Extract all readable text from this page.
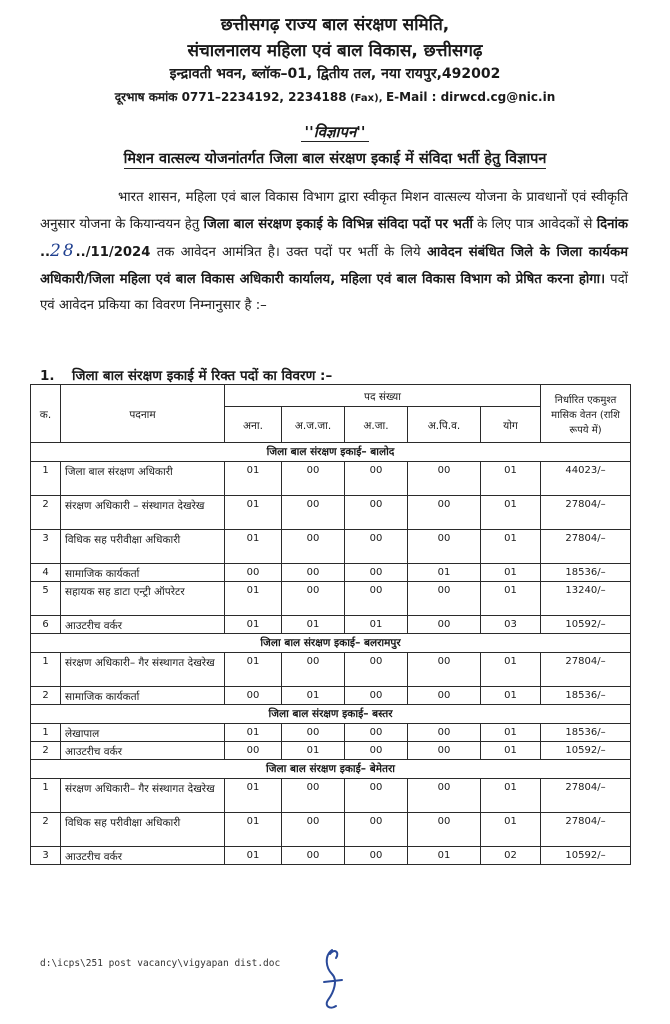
छत्तीसगढ़ राज्य बाल संरक्षण समिति,
संचालनालय महिला एवं बाल विकास, छत्तीसगढ़
इन्द्रावती भवन, ब्लॉक–01, द्वितीय तल, नया रायपुर,492002
दूरभाष कमांक 0771–2234192, 2234188 (Fax), E-Mail : dirwcd.cg@nic.in
''विज्ञापन''
मिशन वात्सल्य योजनांतर्गत जिला बाल संरक्षण इकाई में संविदा भर्ती हेतु विज्ञापन
भारत शासन, महिला एवं बाल विकास विभाग द्वारा स्वीकृत मिशन वात्सल्य योजना के प्रावधानों एवं स्वीकृति अनुसार योजना के कियान्वयन हेतु जिला बाल संरक्षण इकाई के विभिन्न संविदा पदों पर भर्ती के लिए पात्र आवेदकों से दिनांक ..28../11/2024 तक आवेदन आमंत्रित है। उक्त पदों पर भर्ती के लिये आवेदन संबंधित जिले के जिला कार्यकम अधिकारी/जिला महिला एवं बाल विकास अधिकारी कार्यालय, महिला एवं बाल विकास विभाग को प्रेषित करना होगा। पदों एवं आवेदन प्रकिया का विवरण निम्नानुसार है :–
1. जिला बाल संरक्षण इकाई में रिक्त पदों का विवरण :–
क.	पदनाम	पद संख्या					निर्धारित एकमुश्त मासिक वेतन (राशि रूपये में)
		अना.	अ.ज.जा.	अ.जा.	अ.पि.व.	योग	
जिला बाल संरक्षण इकाई– बालोद							
1	जिला बाल संरक्षण अधिकारी	01	00	00	00	01	44023/–
2	संरक्षण अधिकारी – संस्थागत देखरेख	01	00	00	00	01	27804/–
3	विधिक सह परीवीक्षा अधिकारी	01	00	00	00	01	27804/–
4	सामाजिक कार्यकर्ता	00	00	00	01	01	18536/–
5	सहायक सह डाटा एन्ट्री ऑपरेटर	01	00	00	00	01	13240/–
6	आउटरीच वर्कर	01	01	01	00	03	10592/–
जिला बाल संरक्षण इकाई– बलरामपुर							
1	संरक्षण अधिकारी– गैर संस्थागत देखरेख	01	00	00	00	01	27804/–
2	सामाजिक कार्यकर्ता	00	01	00	00	01	18536/–
जिला बाल संरक्षण इकाई– बस्तर							
1	लेखापाल	01	00	00	00	01	18536/–
2	आउटरीच वर्कर	00	01	00	00	01	10592/–
जिला बाल संरक्षण इकाई– बेमेतरा							
1	संरक्षण अधिकारी– गैर संस्थागत देखरेख	01	00	00	00	01	27804/–
2	विधिक सह परीवीक्षा अधिकारी	01	00	00	00	01	27804/–
3	आउटरीच वर्कर	01	00	00	01	02	10592/–
d:\icps\251 post vacancy\vigyapan dist.doc
